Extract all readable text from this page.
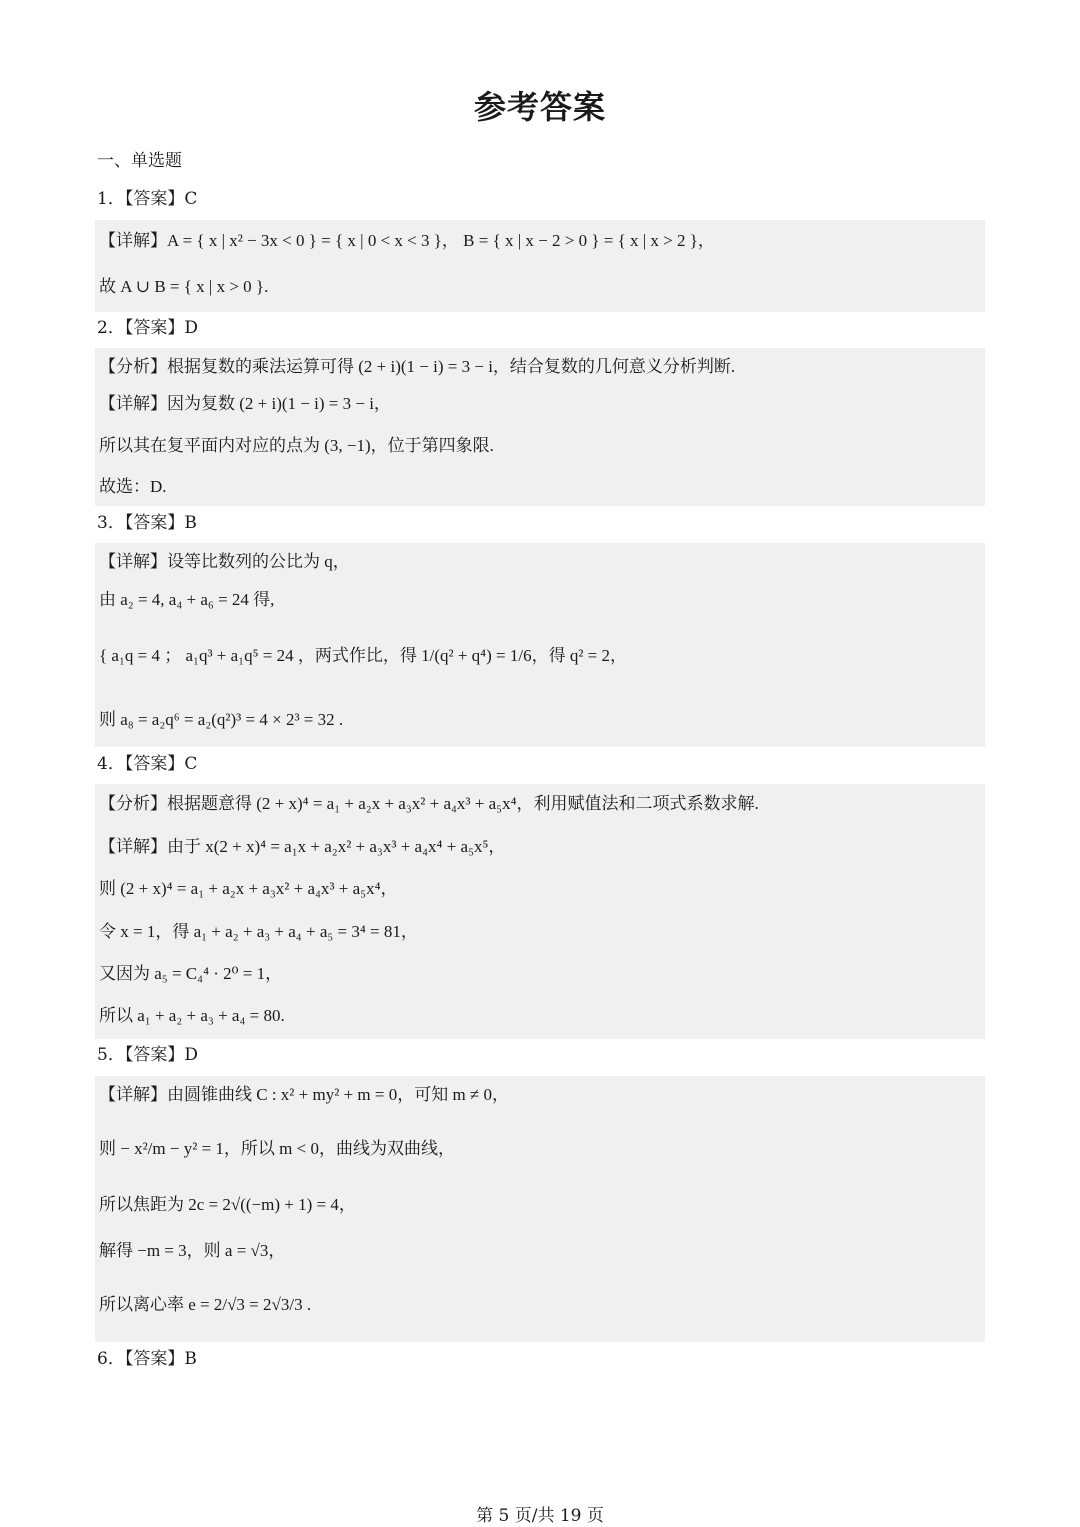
参考答案
一、单选题
1．【答案】C
【详解】A = { x | x² − 3x < 0 } = { x | 0 < x < 3 }， B = { x | x − 2 > 0 } = { x | x > 2 }，
故 A ∪ B = { x | x > 0 }.
2．【答案】D
【分析】根据复数的乘法运算可得 (2 + i)(1 − i) = 3 − i，结合复数的几何意义分析判断.
【详解】因为复数 (2 + i)(1 − i) = 3 − i，
所以其在复平面内对应的点为 (3, −1)，位于第四象限.
故选：D.
3．【答案】B
【详解】设等比数列的公比为 q，
由 a₂ = 4, a₄ + a₆ = 24 得,
{ a₁q = 4 ； a₁q³ + a₁q⁵ = 24 ，两式作比，得 1/(q² + q⁴) = 1/6，得 q² = 2，
则 a₈ = a₂q⁶ = a₂(q²)³ = 4 × 2³ = 32 .
4．【答案】C
【分析】根据题意得 (2 + x)⁴ = a₁ + a₂x + a₃x² + a₄x³ + a₅x⁴，利用赋值法和二项式系数求解.
【详解】由于 x(2 + x)⁴ = a₁x + a₂x² + a₃x³ + a₄x⁴ + a₅x⁵，
则 (2 + x)⁴ = a₁ + a₂x + a₃x² + a₄x³ + a₅x⁴，
令 x = 1，得 a₁ + a₂ + a₃ + a₄ + a₅ = 3⁴ = 81，
又因为 a₅ = C₄⁴ · 2⁰ = 1，
所以 a₁ + a₂ + a₃ + a₄ = 80.
5．【答案】D
【详解】由圆锥曲线 C : x² + my² + m = 0，可知 m ≠ 0，
则 − x²/m − y² = 1，所以 m < 0，曲线为双曲线，
所以焦距为 2c = 2√((−m) + 1) = 4，
解得 −m = 3，则 a = √3，
所以离心率 e = 2/√3 = 2√3/3 .
6．【答案】B
第 5 页/共 19 页
